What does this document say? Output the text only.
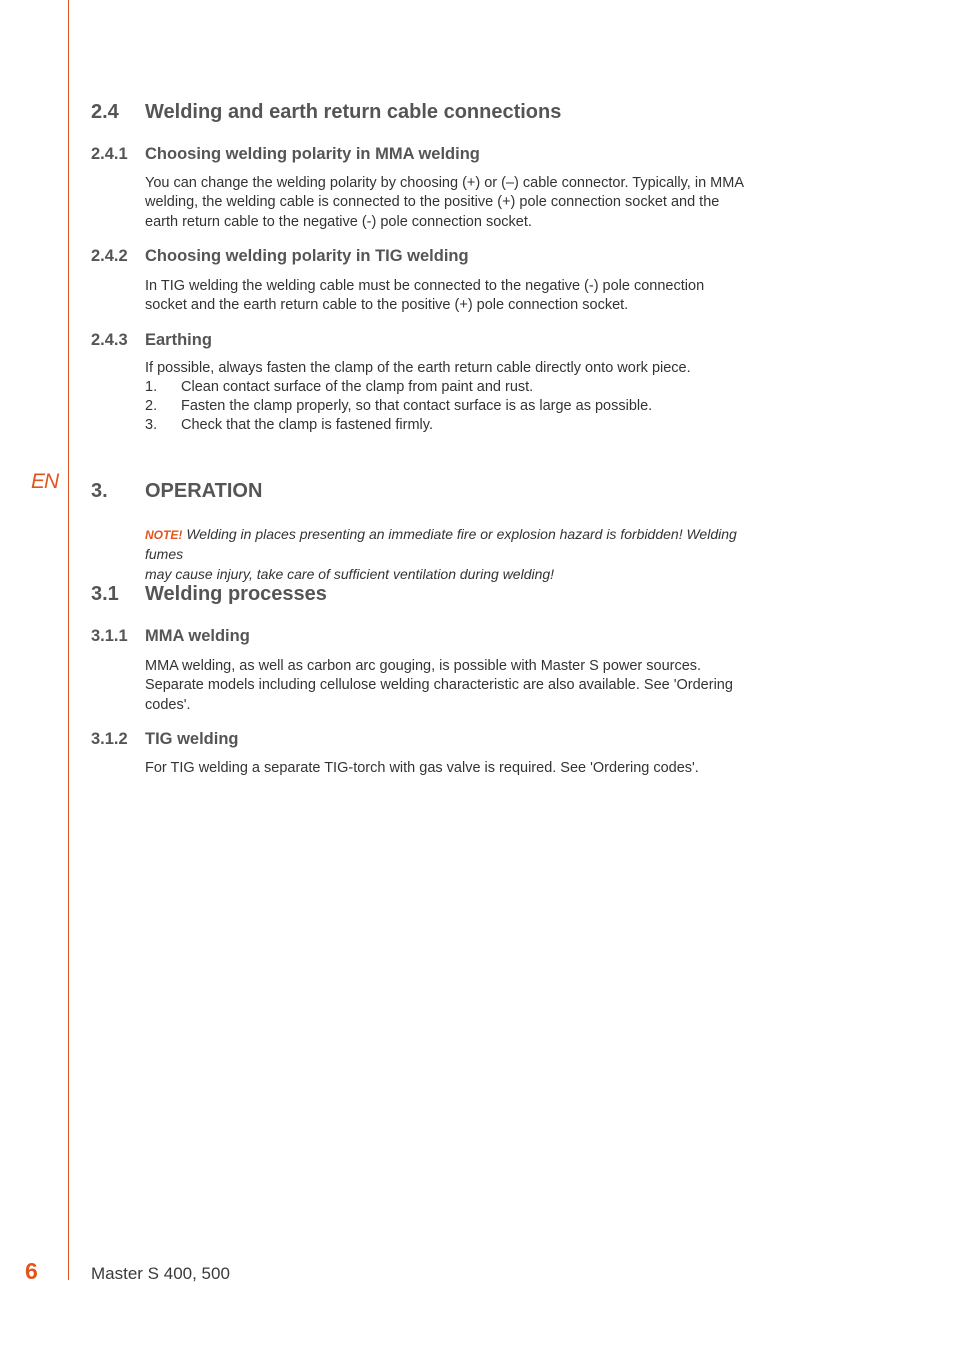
EN
2.4 Welding and earth return cable connections
2.4.1 Choosing welding polarity in MMA welding

You can change the welding polarity by choosing (+) or (–) cable connector. Typically, in MMA
welding, the welding cable is connected to the positive (+) pole connection socket and the
earth return cable to the negative (-) pole connection socket.

2.4.2 Choosing welding polarity in TIG welding

In TIG welding the welding cable must be connected to the negative (-) pole connection
socket and the earth return cable to the positive (+) pole connection socket.

2.4.3 Earthing
If possible, always fasten the clamp of the earth return cable directly onto work piece.
1. Clean contact surface of the clamp from paint and rust.
2. Fasten the clamp properly, so that contact surface is as large as possible.
3. Check that the clamp is fastened firmly.
3. OPERATION

NOTE! Welding in places presenting an immediate fire or explosion hazard is forbidden! Welding fumes
may cause injury, take care of sufficient ventilation during welding!

3.1 Welding processes
3.1.1 MMA welding

MMA welding, as well as carbon arc gouging, is possible with Master S power sources.
Separate models including cellulose welding characteristic are also available. See 'Ordering
codes'.

3.1.2 TIG welding

For TIG welding a separate TIG-torch with gas valve is required. See 'Ordering codes'.

6	Master S 400, 500
